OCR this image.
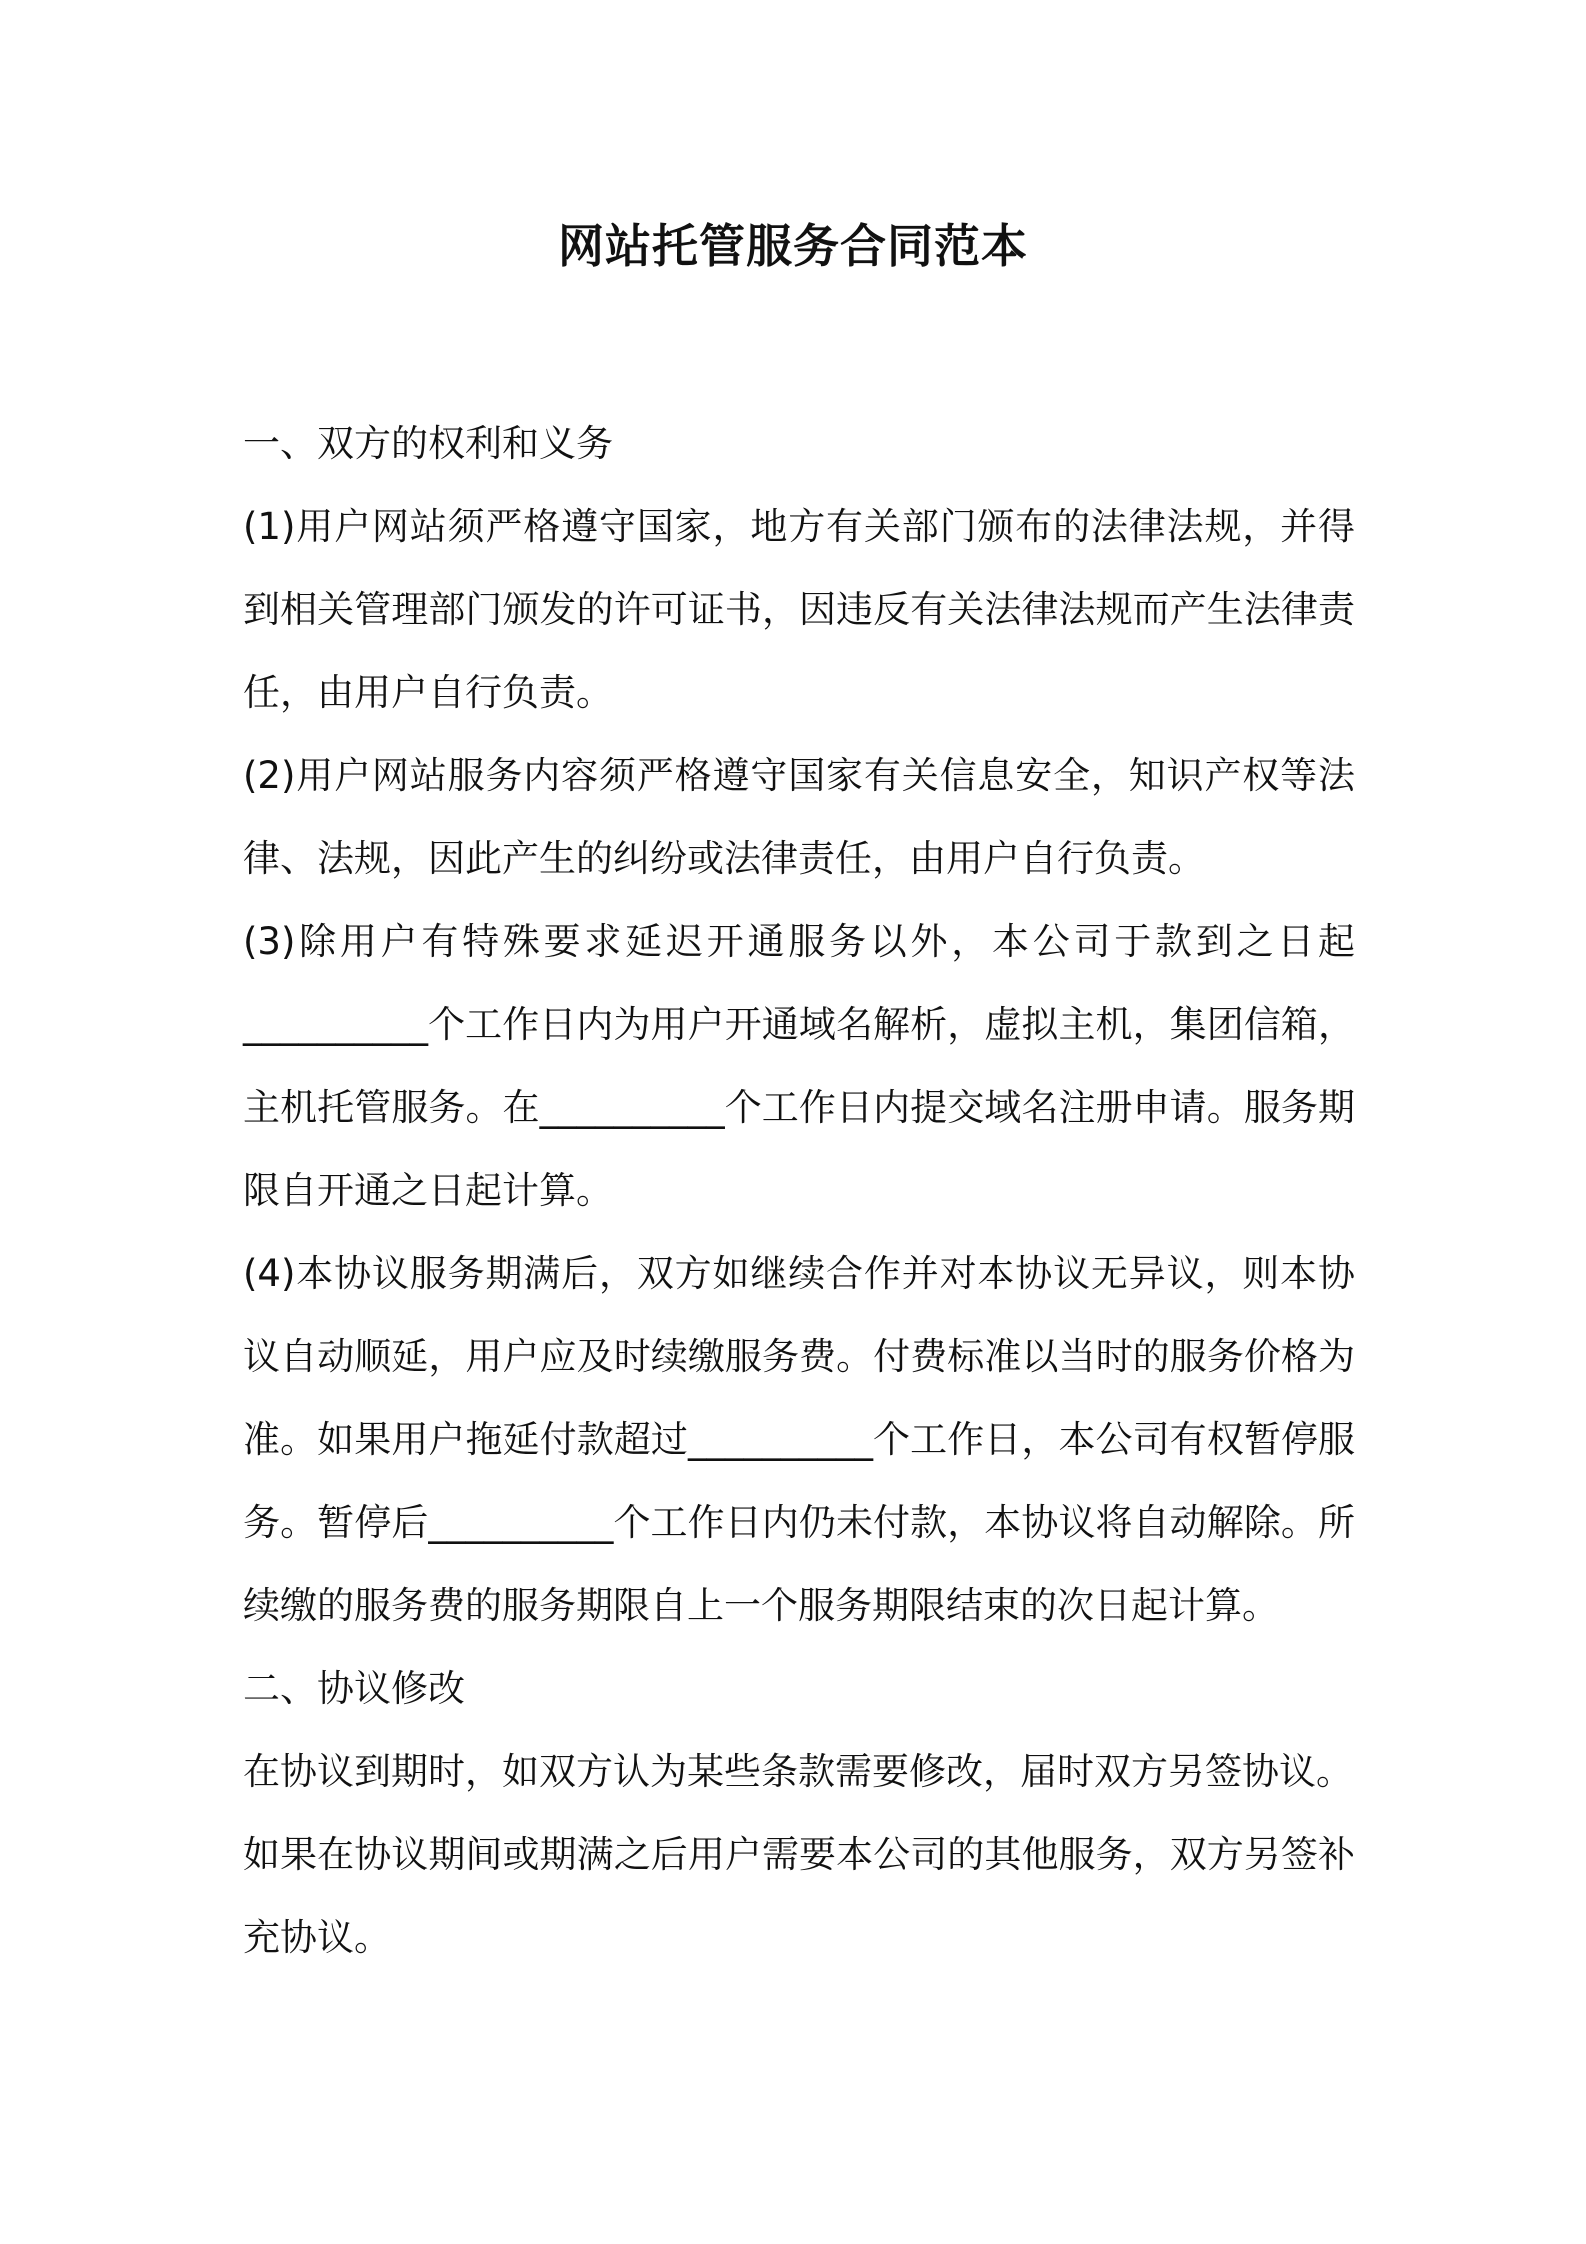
网站托管服务合同范本

一、双方的权利和义务

(1)用户网站须严格遵守国家，地方有关部门颁布的法律法规，并得到相关管理部门颁发的许可证书，因违反有关法律法规而产生法律责任，由用户自行负责。

(2)用户网站服务内容须严格遵守国家有关信息安全，知识产权等法律、法规，因此产生的纠纷或法律责任，由用户自行负责。

(3)除用户有特殊要求延迟开通服务以外，本公司于款到之日起__________个工作日内为用户开通域名解析，虚拟主机，集团信箱，主机托管服务。在__________个工作日内提交域名注册申请。服务期限自开通之日起计算。

(4)本协议服务期满后，双方如继续合作并对本协议无异议，则本协议自动顺延，用户应及时续缴服务费。付费标准以当时的服务价格为准。如果用户拖延付款超过__________个工作日，本公司有权暂停服务。暂停后__________个工作日内仍未付款，本协议将自动解除。所续缴的服务费的服务期限自上一个服务期限结束的次日起计算。

二、协议修改

在协议到期时，如双方认为某些条款需要修改，届时双方另签协议。

如果在协议期间或期满之后用户需要本公司的其他服务，双方另签补充协议。
